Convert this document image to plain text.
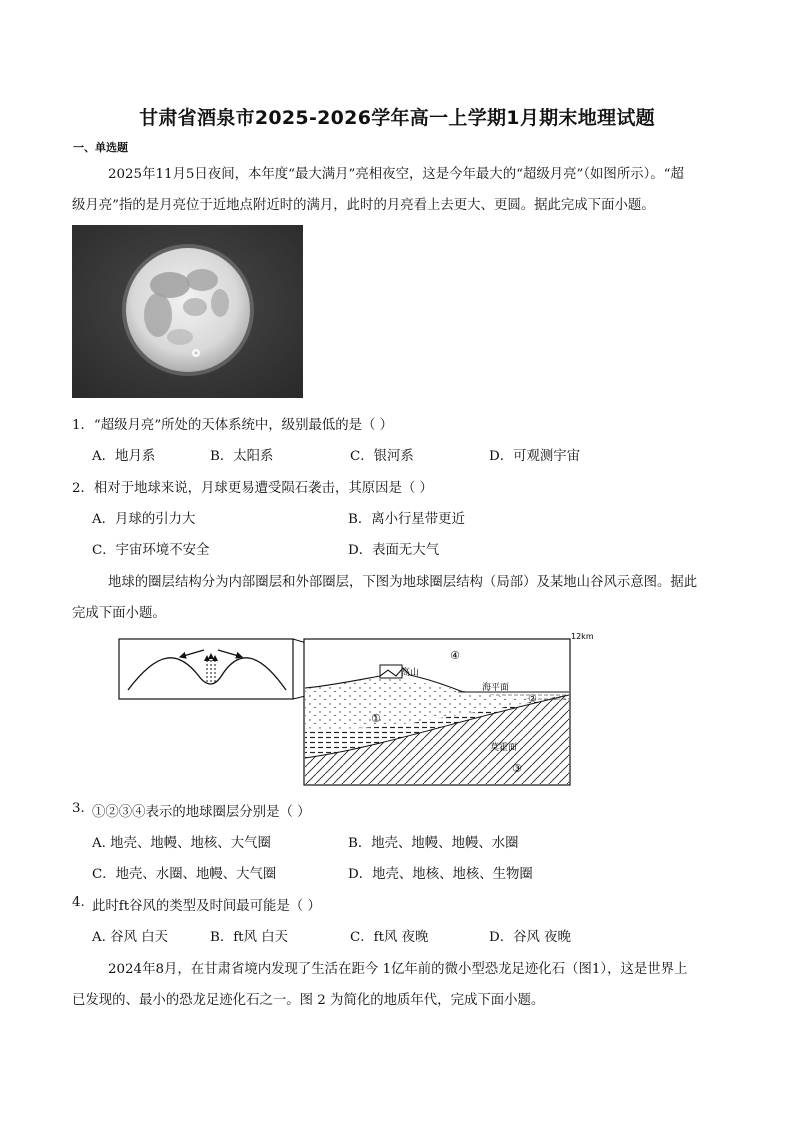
甘肃省酒泉市2025-2026学年高一上学期1月期末地理试题
一、单选题
2025年11月5日夜间，本年度“最大满月”亮相夜空，这是今年最大的“超级月亮”（如图所示）。“超
级月亮”指的是月亮位于近地点附近时的满月，此时的月亮看上去更大、更圆。据此完成下面小题。
1．“超级月亮”所处的天体系统中，级别最低的是（ ）
A．地月系	B．太阳系	C．银河系	D．可观测宇宙
2．相对于地球来说，月球更易遭受陨石袭击，其原因是（ ）
A．月球的引力大	B．离小行星带更近
C．宇宙环境不安全	D．表面无大气
地球的圈层结构分为内部圈层和外部圈层，下图为地球圈层结构（局部）及某地山谷风示意图。据此
完成下面小题。
高山
12km
海平面
莫霍面
①
②
③
④
3. ①②③④表示的地球圈层分别是（ ）
A. 地壳、地幔、地核、大气圈	B．地壳、地幔、地幔、水圈
C．地壳、水圈、地幔、大气圈	D．地壳、地核、地核、生物圈
4. 此时ft谷风的类型及时间最可能是（ ）
A. 谷风 白天	B．ft风 白天	C．ft风 夜晚	D．谷风 夜晚
2024年8月，在甘肃省境内发现了生活在距今 1亿年前的微小型恐龙足迹化石（图1），这是世界上
已发现的、最小的恐龙足迹化石之一。图 2 为简化的地质年代，完成下面小题。
